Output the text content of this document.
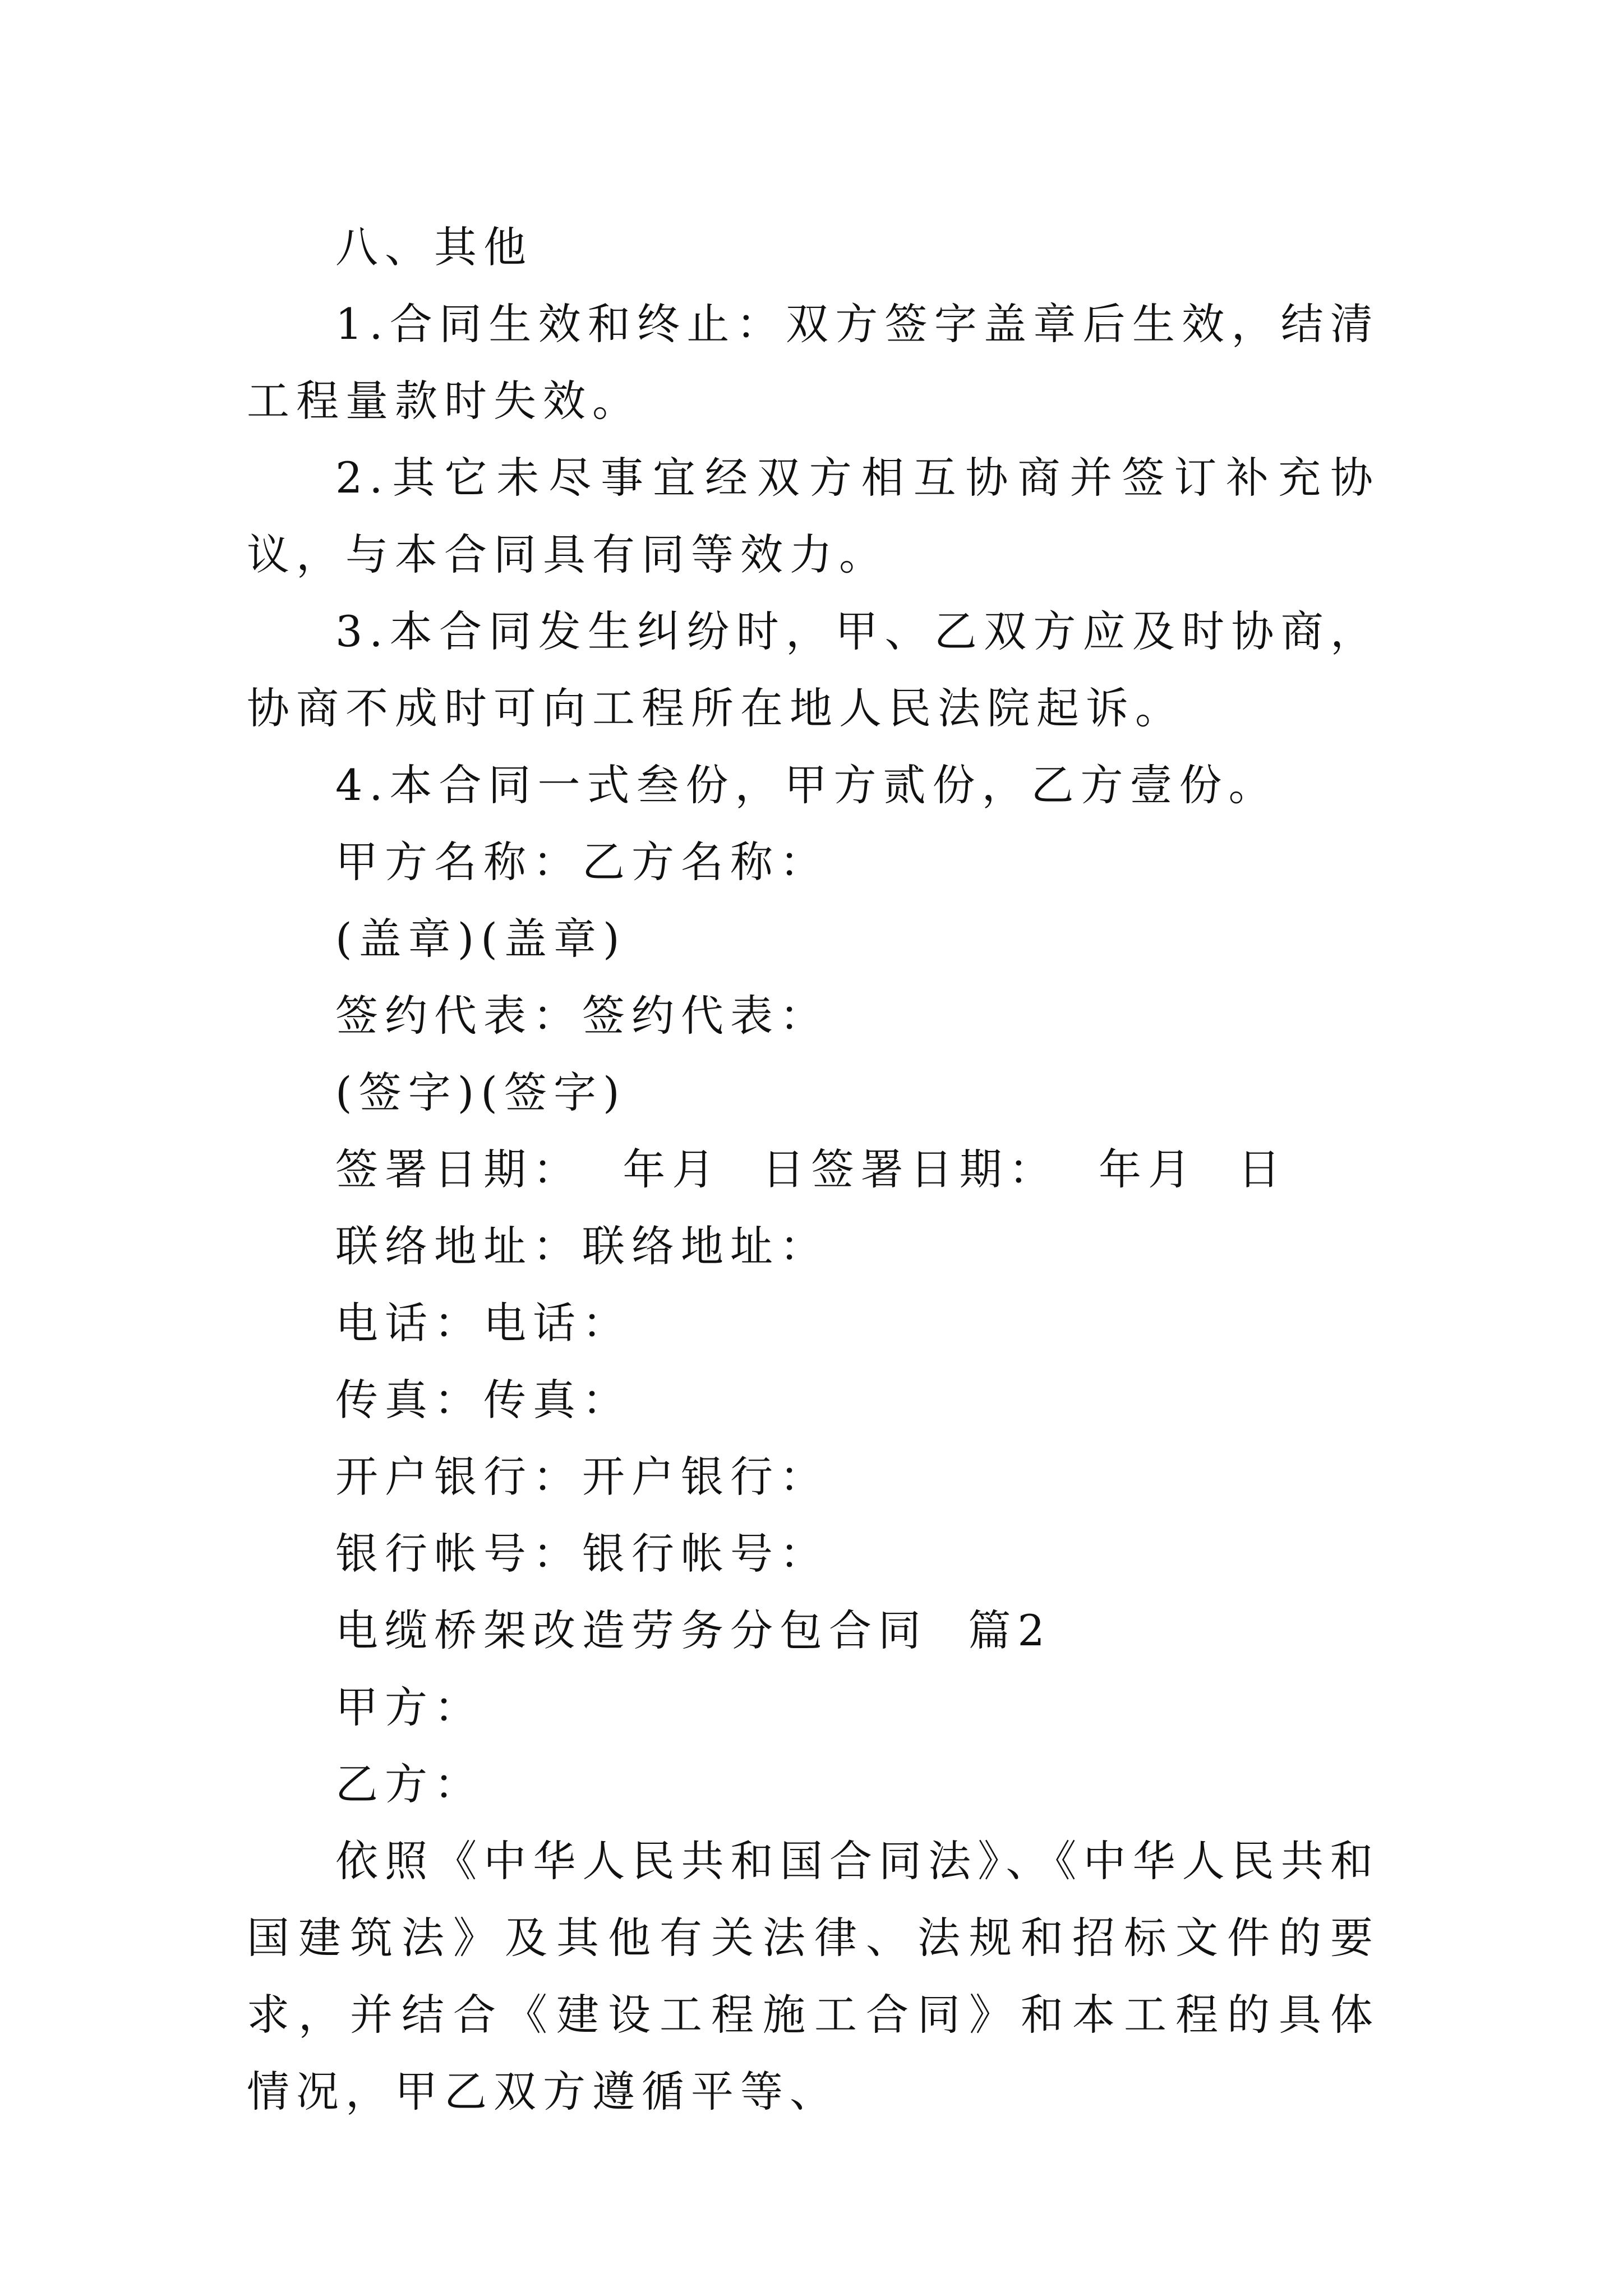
八、其他

1.合同生效和终止：双方签字盖章后生效，结清工程量款时失效。

2.其它未尽事宜经双方相互协商并签订补充协议，与本合同具有同等效力。

3.本合同发生纠纷时，甲、乙双方应及时协商，协商不成时可向工程所在地人民法院起诉。

4.本合同一式叁份，甲方贰份，乙方壹份。

甲方名称：乙方名称：

(盖章)(盖章)

签约代表：签约代表：

(签字)(签字)

签署日期：  年月  日签署日期：  年月  日

联络地址：联络地址：

电话：电话：

传真：传真：

开户银行：开户银行：

银行帐号：银行帐号：

电缆桥架改造劳务分包合同  篇2

甲方：

乙方：

依照《中华人民共和国合同法》、《中华人民共和国建筑法》及其他有关法律、法规和招标文件的要求，并结合《建设工程施工合同》和本工程的具体情况，甲乙双方遵循平等、
